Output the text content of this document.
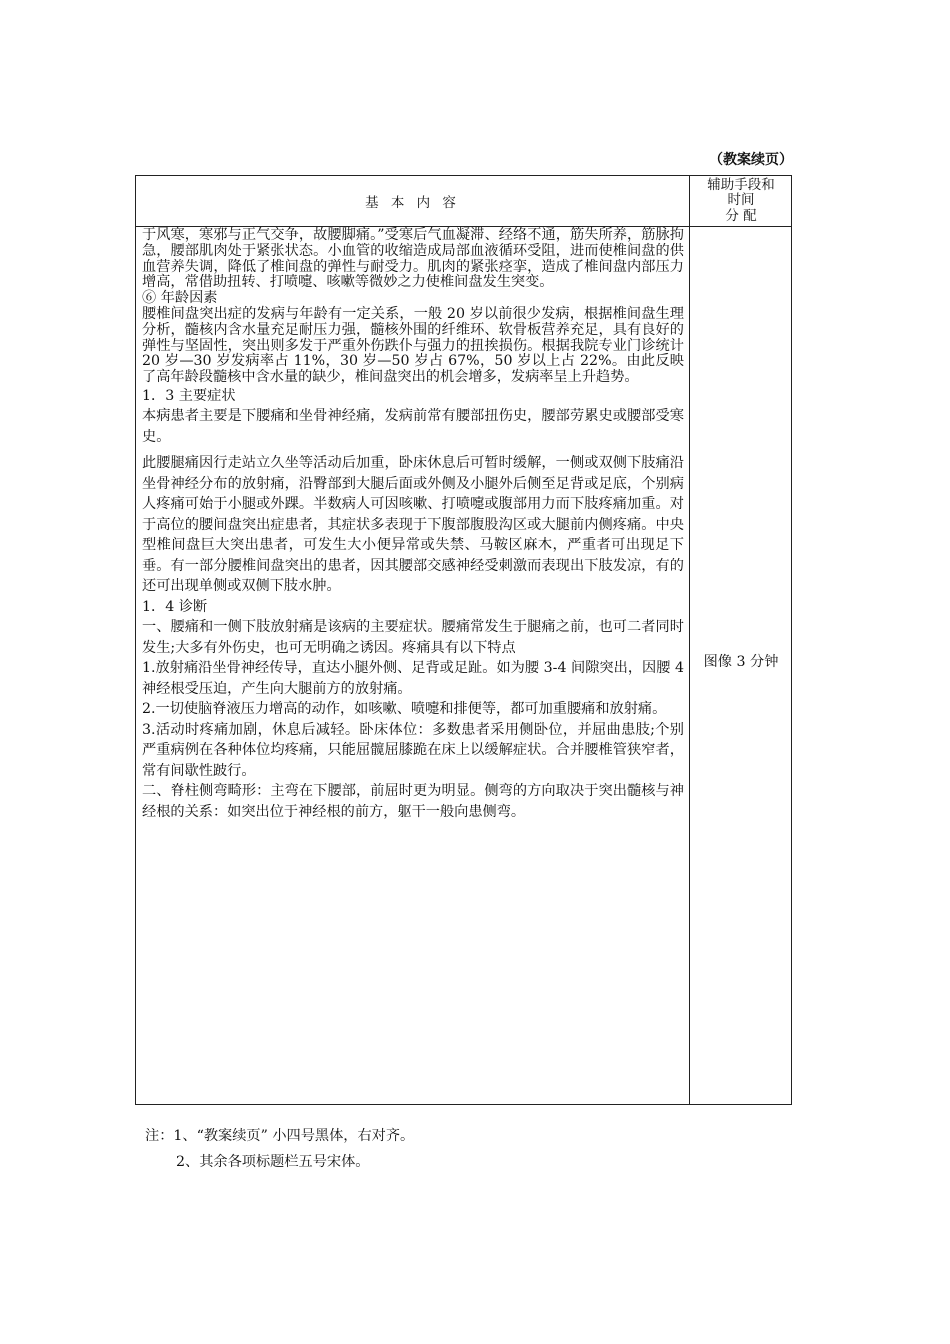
（教案续页）
基 本 内 容
辅助手段和
时间
分 配

于风寒，寒邪与正气交争，故腰脚痛。”受寒后气血凝滞、经络不通，筋失所养，筋脉拘急，腰部肌肉处于紧张状态。小血管的收缩造成局部血液循环受阻，进而使椎间盘的供血营养失调，降低了椎间盘的弹性与耐受力。肌肉的紧张痉挛，造成了椎间盘内部压力增高，常借助扭转、打喷嚏、咳嗽等微妙之力使椎间盘发生突变。

⑥ 年龄因素

腰椎间盘突出症的发病与年龄有一定关系，一般 20 岁以前很少发病，根据椎间盘生理分析，髓核内含水量充足耐压力强，髓核外围的纤维环、软骨板营养充足，具有良好的弹性与坚固性，突出则多发于严重外伤跌仆与强力的扭挨损伤。根据我院专业门诊统计 20 岁—30 岁发病率占 11%，30 岁—50 岁占 67%，50 岁以上占 22%。由此反映了高年龄段髓核中含水量的缺少，椎间盘突出的机会增多，发病率呈上升趋势。

1．3 主要症状

本病患者主要是下腰痛和坐骨神经痛，发病前常有腰部扭伤史，腰部劳累史或腰部受寒史。

此腰腿痛因行走站立久坐等活动后加重，卧床休息后可暂时缓解，一侧或双侧下肢痛沿坐骨神经分布的放射痛，沿臀部到大腿后面或外侧及小腿外后侧至足背或足底，个别病人疼痛可始于小腿或外踝。半数病人可因咳嗽、打喷嚏或腹部用力而下肢疼痛加重。对于高位的腰间盘突出症患者，其症状多表现于下腹部腹股沟区或大腿前内侧疼痛。中央型椎间盘巨大突出患者，可发生大小便异常或失禁、马鞍区麻木，严重者可出现足下垂。有一部分腰椎间盘突出的患者，因其腰部交感神经受刺激而表现出下肢发凉，有的还可出现单侧或双侧下肢水肿。

1．4 诊断

一、腰痛和一侧下肢放射痛是该病的主要症状。腰痛常发生于腿痛之前，也可二者同时发生;大多有外伤史，也可无明确之诱因。疼痛具有以下特点

1.放射痛沿坐骨神经传导，直达小腿外侧、足背或足趾。如为腰 3-4 间隙突出，因腰 4 神经根受压迫，产生向大腿前方的放射痛。

2.一切使脑脊液压力增高的动作，如咳嗽、喷嚏和排便等，都可加重腰痛和放射痛。

3.活动时疼痛加剧，休息后减轻。卧床体位：多数患者采用侧卧位，并屈曲患肢;个别严重病例在各种体位均疼痛，只能屈髋屈膝跪在床上以缓解症状。合并腰椎管狭窄者，常有间歇性跛行。

二、脊柱侧弯畸形：主弯在下腰部，前屈时更为明显。侧弯的方向取决于突出髓核与神经根的关系：如突出位于神经根的前方，躯干一般向患侧弯。

图像 3 分钟

注：1、“教案续页” 小四号黑体，右对齐。

2、其余各项标题栏五号宋体。
